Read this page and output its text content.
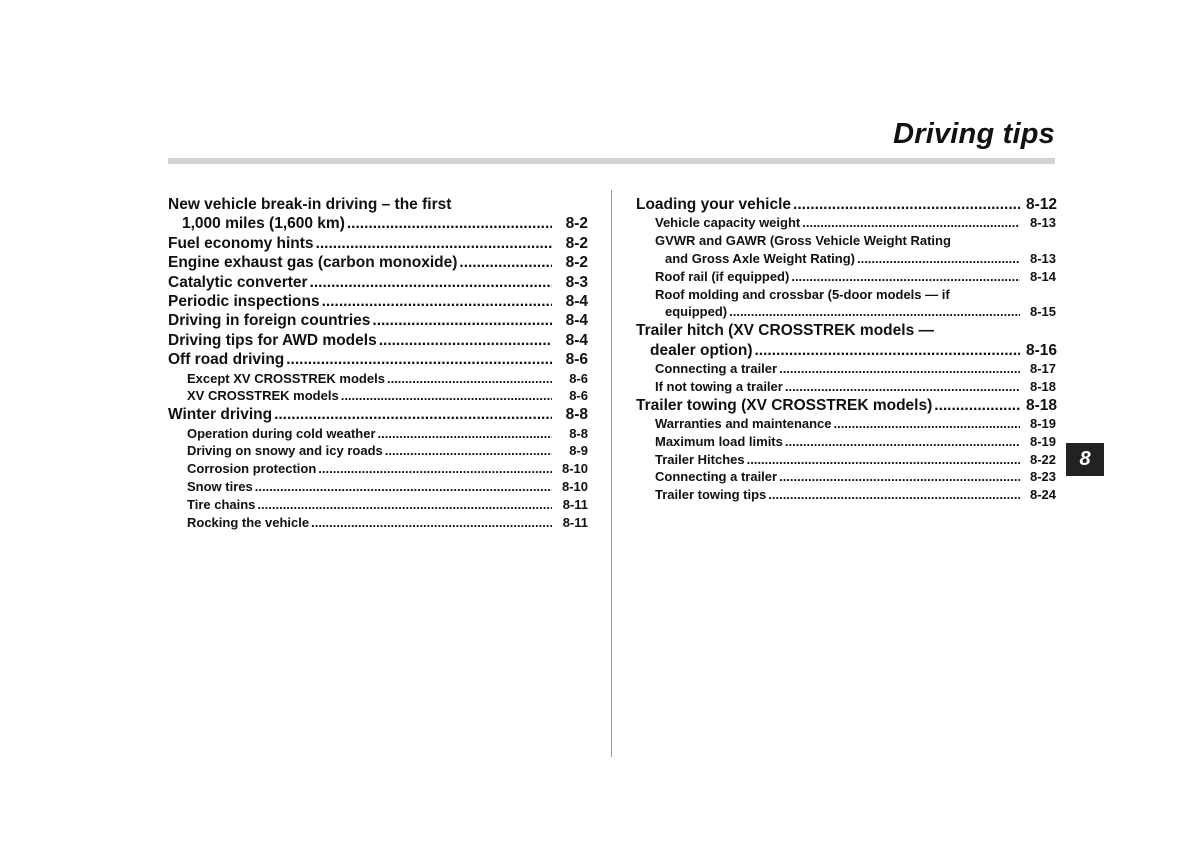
Driving tips
8
New vehicle break-in driving – the first
1,000 miles (1,600 km) .....	8-2
Fuel economy hints .....	8-2
Engine exhaust gas (carbon monoxide) .....	8-2
Catalytic converter .....	8-3
Periodic inspections .....	8-4
Driving in foreign countries .....	8-4
Driving tips for AWD models .....	8-4
Off road driving .....	8-6
Except XV CROSSTREK models .....	8-6
XV CROSSTREK models .....	8-6
Winter driving .....	8-8
Operation during cold weather .....	8-8
Driving on snowy and icy roads .....	8-9
Corrosion protection .....	8-10
Snow tires .....	8-10
Tire chains .....	8-11
Rocking the vehicle .....	8-11
Loading your vehicle .....	8-12
Vehicle capacity weight .....	8-13
GVWR and GAWR (Gross Vehicle Weight Rating
and Gross Axle Weight Rating) .....	8-13
Roof rail (if equipped) .....	8-14
Roof molding and crossbar (5-door models — if
equipped) .....	8-15
Trailer hitch (XV CROSSTREK models —
dealer option) .....	8-16
Connecting a trailer .....	8-17
If not towing a trailer .....	8-18
Trailer towing (XV CROSSTREK models) .....	8-18
Warranties and maintenance .....	8-19
Maximum load limits .....	8-19
Trailer Hitches .....	8-22
Connecting a trailer .....	8-23
Trailer towing tips .....	8-24
